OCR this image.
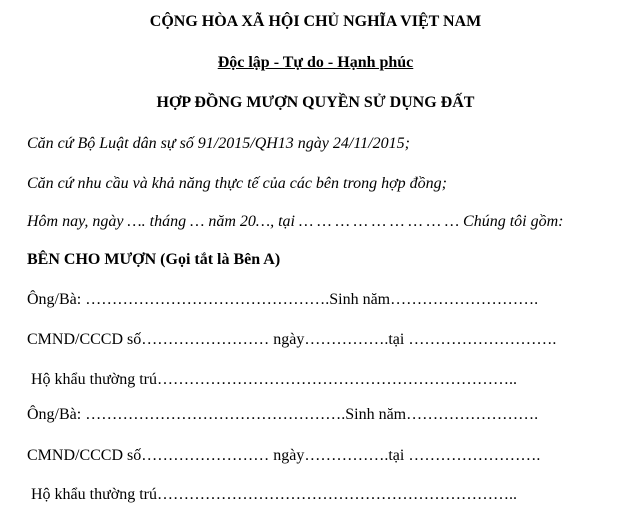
CỘNG HÒA XÃ HỘI CHỦ NGHĨA VIỆT NAM
Độc lập - Tự do - Hạnh phúc
HỢP ĐỒNG MƯỢN QUYỀN SỬ DỤNG ĐẤT
Căn cứ Bộ Luật dân sự số 91/2015/QH13 ngày 24/11/2015;
Căn cứ nhu cầu và khả năng thực tế của các bên trong hợp đồng;
Hôm nay, ngày …. tháng … năm 20…, tại … … … … … … … … … Chúng tôi gồm:
BÊN CHO MƯỢN (Gọi tắt là Bên A)
Ông/Bà: ……………………………………….Sinh năm……………………….
CMND/CCCD số…………………… ngày…………….tại ……………………….
Hộ khẩu thường trú…………………………………………………………..
Ông/Bà: ………………………………………….Sinh năm…………………….
CMND/CCCD số…………………… ngày…………….tại …………………….
Hộ khẩu thường trú…………………………………………………………..
